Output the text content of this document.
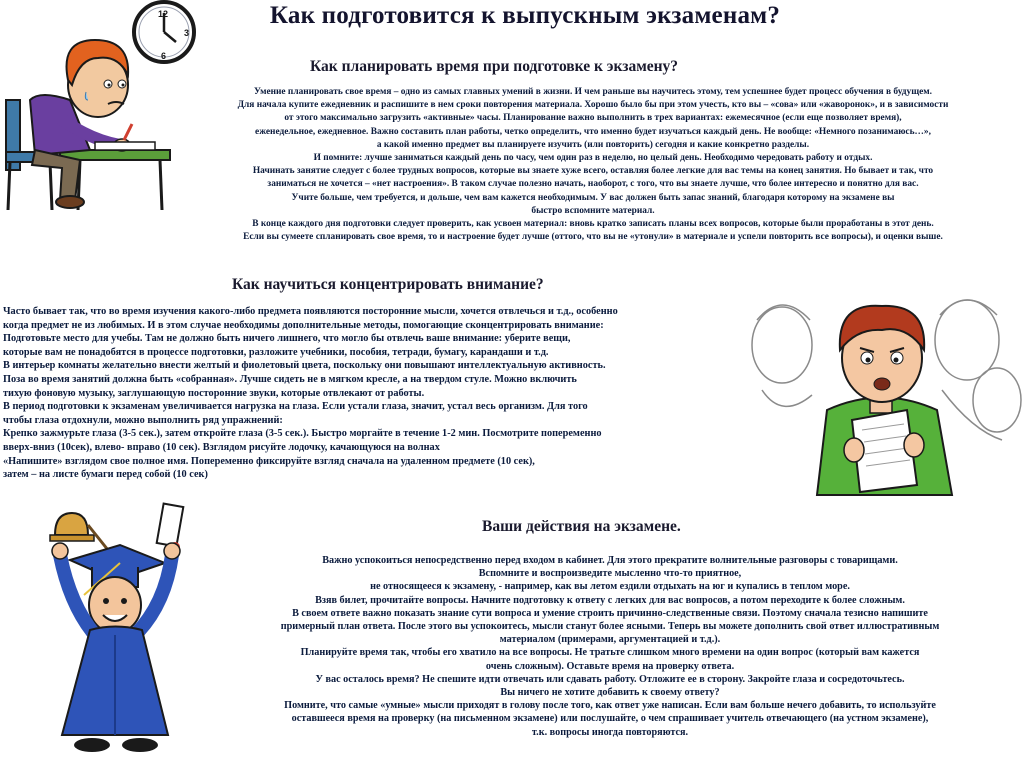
Как подготовится к выпускным экзаменам?
12
3
6
Как планировать время при подготовке к экзамену?

Умение планировать свое время – одно из самых главных умений в жизни. И чем раньше вы научитесь этому, тем успешнее будет процесс обучения в будущем.

Для начала купите ежедневник и распишите в нем сроки повторения материала. Хорошо было бы при этом учесть, кто вы – «сова» или «жаворонок», и в зависимости

от этого максимально загрузить «активные» часы. Планирование важно выполнить в трех вариантах: ежемесячное (если еще позволяет время),

еженедельное, ежедневное. Важно составить план работы, четко определить, что именно будет изучаться каждый день. Не вообще: «Немного позанимаюсь…»,

а какой именно предмет вы планируете изучить (или повторить) сегодня и какие конкретно разделы.

И помните: лучше заниматься каждый день по часу, чем один раз в неделю, но целый день. Необходимо чередовать работу и отдых.

Начинать занятие следует с более трудных вопросов, которые вы знаете хуже всего, оставляя более легкие для вас темы на конец занятия. Но бывает и так, что

заниматься не хочется – «нет настроения». В таком случае полезно начать, наоборот, с того, что вы знаете лучше, что более интересно и понятно для вас.

Учите больше, чем требуется, и дольше, чем вам кажется необходимым. У вас должен быть запас знаний, благодаря которому на экзамене вы

быстро вспомните материал.

В конце каждого дня подготовки следует проверить, как усвоен материал: вновь кратко записать планы всех вопросов, которые были проработаны в этот день.

Если вы сумеете спланировать свое время, то и настроение будет лучше (оттого, что вы не «утонули» в материале и успели повторить все вопросы), и оценки выше.

Как научиться концентрировать внимание?

Часто бывает так, что во время изучения какого-либо предмета появляются посторонние мысли, хочется отвлечься и т.д., особенно

когда предмет не из любимых. И в этом случае необходимы дополнительные методы, помогающие сконцентрировать внимание:

Подготовьте место для учебы. Там не должно быть ничего лишнего, что могло бы отвлечь ваше внимание: уберите вещи,

которые вам не понадобятся в процессе подготовки, разложите учебники, пособия, тетради, бумагу, карандаши и т.д.

В интерьер комнаты желательно внести желтый и фиолетовый цвета, поскольку они повышают интеллектуальную активность.

Поза во время занятий должна быть «собранная». Лучше сидеть не в мягком кресле, а на твердом стуле. Можно включить

тихую фоновую музыку, заглушающую посторонние звуки, которые отвлекают от работы.

В период подготовки к экзаменам увеличивается нагрузка на глаза. Если устали глаза, значит, устал весь организм. Для того

чтобы глаза отдохнули, можно выполнить ряд упражнений:

Крепко зажмурьте глаза (3-5 сек.), затем откройте глаза (3-5 сек.). Быстро моргайте в течение 1-2 мин. Посмотрите попеременно

вверх-вниз (10сек), влево- вправо (10 сек). Взглядом рисуйте лодочку, качающуюся на волнах

«Напишите» взглядом свое полное имя. Попеременно фиксируйте взгляд сначала на удаленном предмете (10 сек),

затем – на листе бумаги перед собой (10 сек)

Ваши действия на экзамене.

Важно успокоиться непосредственно перед входом в кабинет. Для этого прекратите волнительные разговоры с товарищами.

Вспомните и воспроизведите мысленно что-то приятное,

не относящееся к экзамену, - например, как вы летом ездили отдыхать на юг и купались в теплом море.

Взяв билет, прочитайте вопросы. Начните подготовку к ответу с легких для вас вопросов, а потом переходите к более сложным.

В своем ответе важно показать знание сути вопроса и умение строить причинно-следственные связи. Поэтому сначала тезисно напишите

примерный план ответа. После этого вы успокоитесь, мысли станут более ясными. Теперь вы можете дополнить свой ответ иллюстративным

материалом (примерами, аргументацией и т.д.).

Планируйте время так, чтобы его хватило на все вопросы. Не тратьте слишком много времени на один вопрос (который вам кажется

очень сложным). Оставьте время на проверку ответа.

У вас осталось время? Не спешите идти отвечать или сдавать работу. Отложите ее в сторону. Закройте глаза и сосредоточьтесь.

Вы ничего не хотите добавить к своему ответу?

Помните, что самые «умные» мысли приходят в голову после того, как ответ уже написан. Если вам больше нечего добавить, то используйте

оставшееся время на проверку (на письменном экзамене) или послушайте, о чем спрашивает учитель отвечающего (на устном экзамене),

т.к. вопросы иногда повторяются.
